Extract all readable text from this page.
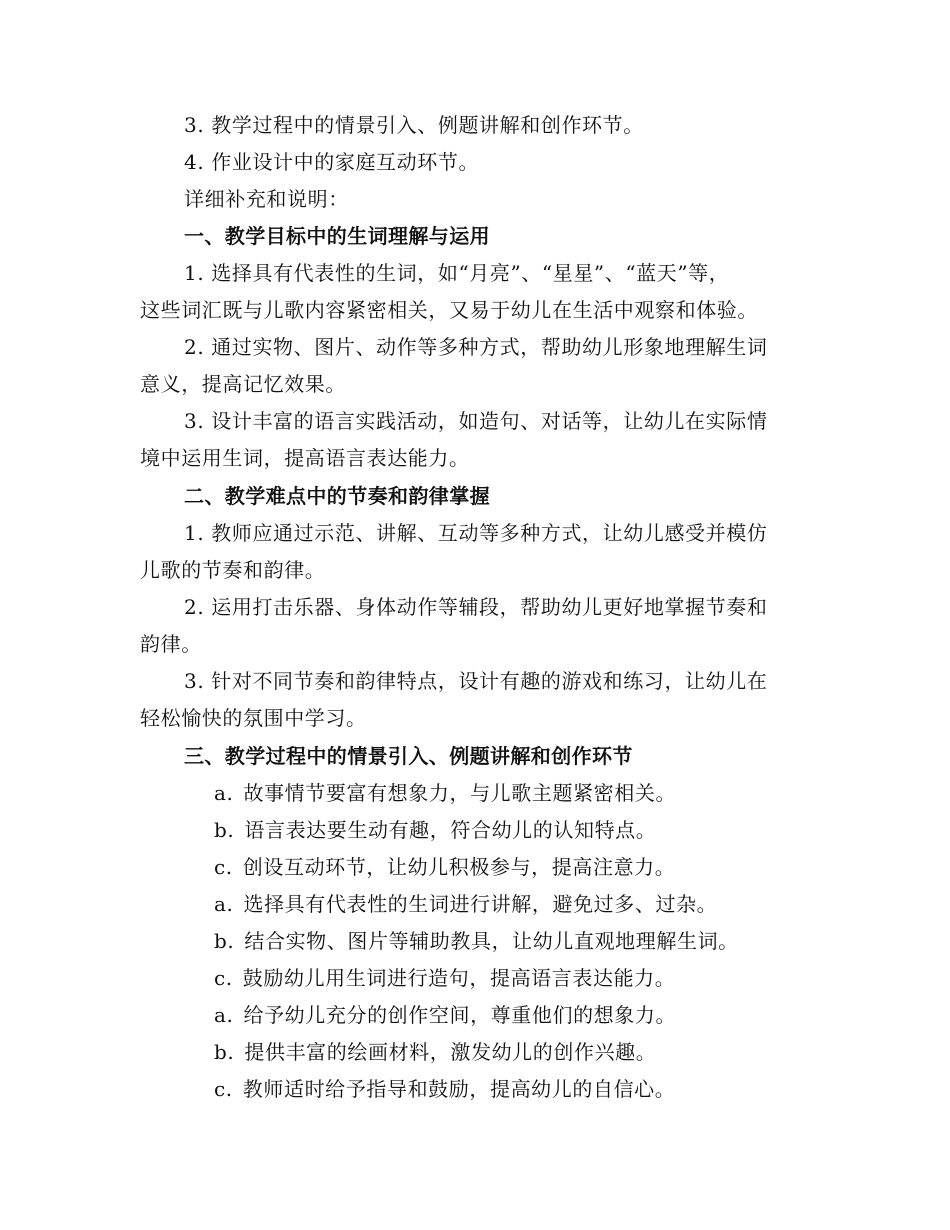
3. 教学过程中的情景引入、例题讲解和创作环节。
4. 作业设计中的家庭互动环节。
详细补充和说明：
一、教学目标中的生词理解与运用
1. 选择具有代表性的生词，如“月亮”、“星星”、“蓝天”等，
这些词汇既与儿歌内容紧密相关，又易于幼儿在生活中观察和体验。
2. 通过实物、图片、动作等多种方式，帮助幼儿形象地理解生词
意义，提高记忆效果。
3. 设计丰富的语言实践活动，如造句、对话等，让幼儿在实际情
境中运用生词，提高语言表达能力。
二、教学难点中的节奏和韵律掌握
1. 教师应通过示范、讲解、互动等多种方式，让幼儿感受并模仿
儿歌的节奏和韵律。
2. 运用打击乐器、身体动作等辅段，帮助幼儿更好地掌握节奏和
韵律。
3. 针对不同节奏和韵律特点，设计有趣的游戏和练习，让幼儿在
轻松愉快的氛围中学习。
三、教学过程中的情景引入、例题讲解和创作环节
a. 故事情节要富有想象力，与儿歌主题紧密相关。
b. 语言表达要生动有趣，符合幼儿的认知特点。
c. 创设互动环节，让幼儿积极参与，提高注意力。
a. 选择具有代表性的生词进行讲解，避免过多、过杂。
b. 结合实物、图片等辅助教具，让幼儿直观地理解生词。
c. 鼓励幼儿用生词进行造句，提高语言表达能力。
a. 给予幼儿充分的创作空间，尊重他们的想象力。
b. 提供丰富的绘画材料，激发幼儿的创作兴趣。
c. 教师适时给予指导和鼓励，提高幼儿的自信心。
